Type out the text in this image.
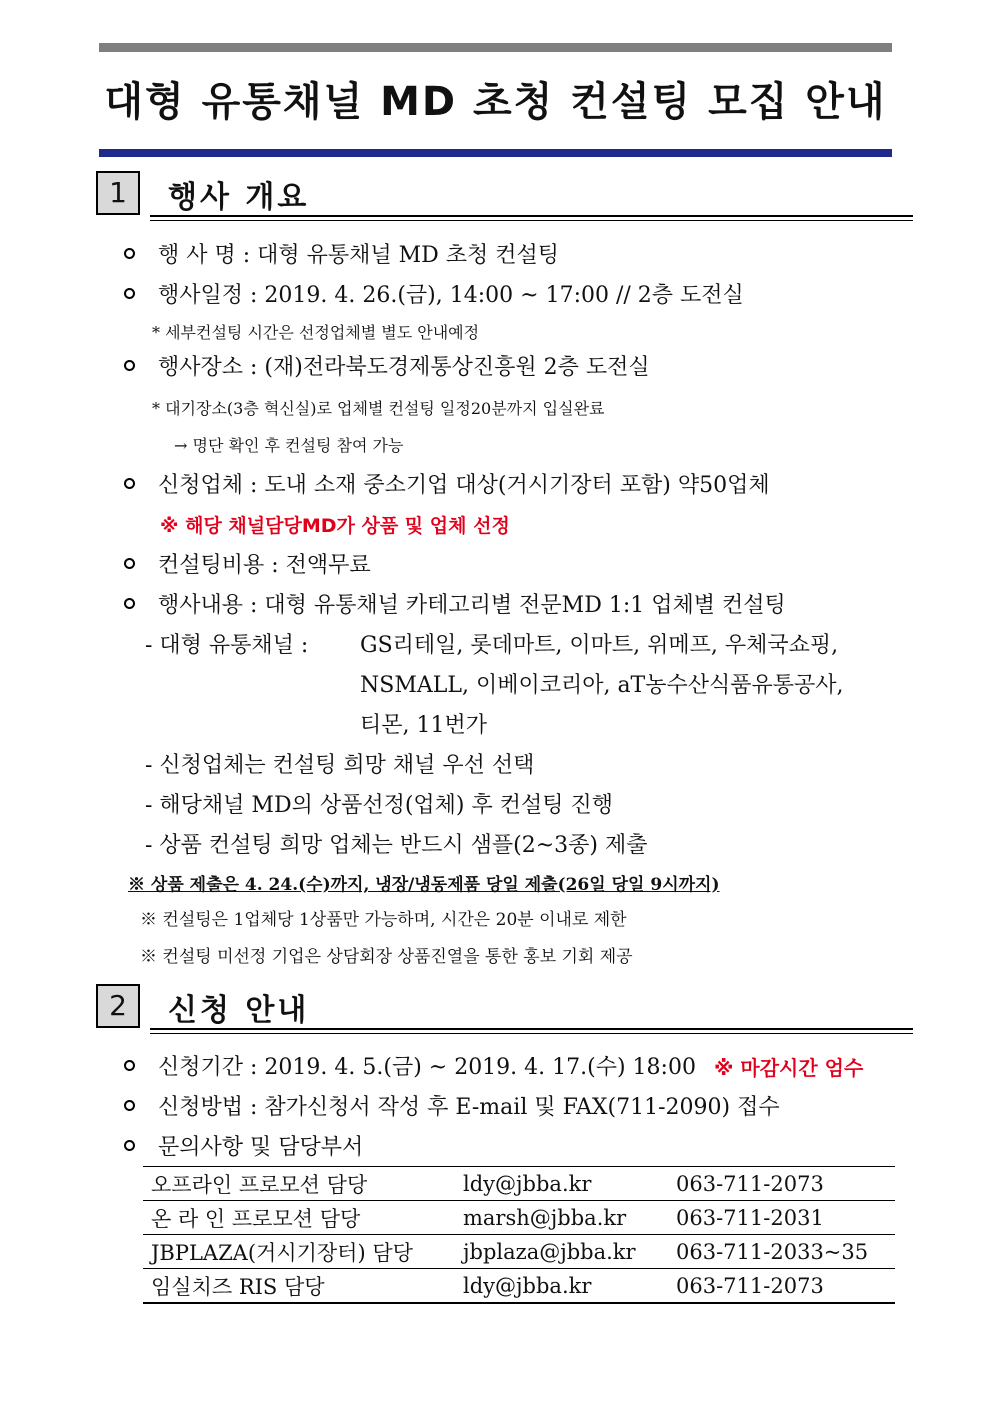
대형 유통채널 MD 초청 컨설팅 모집 안내
1	행사 개요
행 사 명 : 대형 유통채널 MD 초청 컨설팅
행사일정 : 2019. 4. 26.(금), 14:00 ~ 17:00 // 2층 도전실
* 세부컨설팅 시간은 선정업체별 별도 안내예정
행사장소 : (재)전라북도경제통상진흥원 2층 도전실
* 대기장소(3층 혁신실)로 업체별 컨설팅 일정20분까지 입실완료
→ 명단 확인 후 컨설팅 참여 가능
신청업체 : 도내 소재 중소기업 대상(거시기장터 포함) 약50업체
※ 해당 채널담당MD가 상품 및 업체 선정
컨설팅비용 : 전액무료
행사내용 : 대형 유통채널 카테고리별 전문MD 1:1 업체별 컨설팅
- 대형 유통채널 : GS리테일, 롯데마트, 이마트, 위메프, 우체국쇼핑,
NSMALL, 이베이코리아, aT농수산식품유통공사,
티몬, 11번가
- 신청업체는 컨설팅 희망 채널 우선 선택
- 해당채널 MD의 상품선정(업체) 후 컨설팅 진행
- 상품 컨설팅 희망 업체는 반드시 샘플(2~3종) 제출
※ 상품 제출은 4. 24.(수)까지, 냉장/냉동제품 당일 제출(26일 당일 9시까지)
※ 컨설팅은 1업체당 1상품만 가능하며, 시간은 20분 이내로 제한
※ 컨설팅 미선정 기업은 상담회장 상품진열을 통한 홍보 기회 제공
2	신청 안내
신청기간 : 2019. 4. 5.(금) ~ 2019. 4. 17.(수) 18:00 ※ 마감시간 엄수
신청방법 : 참가신청서 작성 후 E-mail 및 FAX(711-2090) 접수
문의사항 및 담당부서
오프라인 프로모션 담당	ldy@jbba.kr	063-711-2073
온 라 인 프로모션 담당	marsh@jbba.kr	063-711-2031
JBPLAZA(거시기장터) 담당	jbplaza@jbba.kr	063-711-2033~35
임실치즈 RIS 담당	ldy@jbba.kr	063-711-2073
